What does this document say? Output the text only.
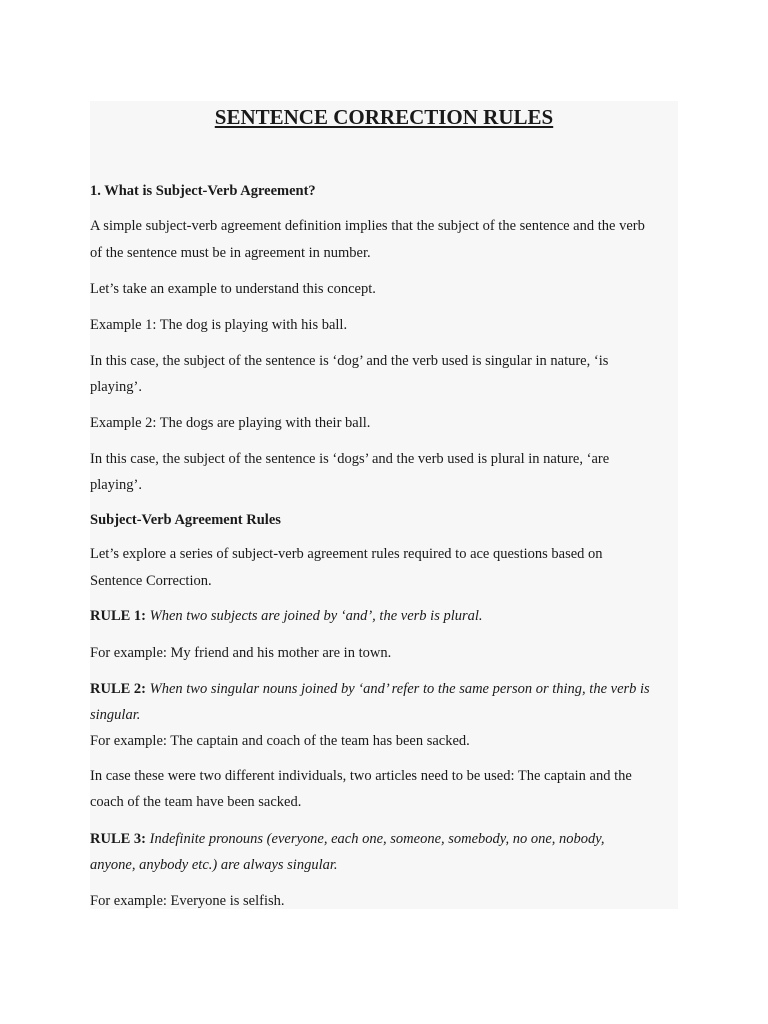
SENTENCE CORRECTION RULES
1. What is Subject-Verb Agreement?
A simple subject-verb agreement definition implies that the subject of the sentence and the verb
of the sentence must be in agreement in number.
Let’s take an example to understand this concept.
Example 1: The dog is playing with his ball.
In this case, the subject of the sentence is ‘dog’ and the verb used is singular in nature, ‘is
playing’.
Example 2: The dogs are playing with their ball.
In this case, the subject of the sentence is ‘dogs’ and the verb used is plural in nature, ‘are
playing’.
Subject-Verb Agreement Rules
Let’s explore a series of subject-verb agreement rules required to ace questions based on
Sentence Correction.
RULE 1: When two subjects are joined by ‘and’, the verb is plural.
For example: My friend and his mother are in town.
RULE 2: When two singular nouns joined by ‘and’ refer to the same person or thing, the verb is
singular.
For example: The captain and coach of the team has been sacked.
In case these were two different individuals, two articles need to be used: The captain and the
coach of the team have been sacked.
RULE 3: Indefinite pronouns (everyone, each one, someone, somebody, no one, nobody,
anyone, anybody etc.) are always singular.
For example: Everyone is selfish.
